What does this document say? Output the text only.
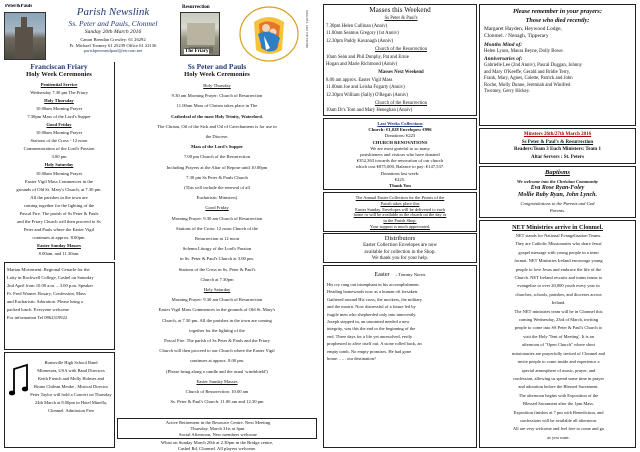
Peter&Pauls	Parish Newslink
Ss. Peter and Pauls, Clonmel
Sunday 20th March 2016
Canon Brendan Crowley: 61 26292
Fr. Michael Toomey 61 25239 Office 61 22136
parishpeterandpaul@eircom.net
Resurrection
The Friary
MERCIFUL LIKE THE FATHER
Franciscan Friary
Holy Week Ceremonies
Penitential Service
Wednesday 7.30 pm The Friary
Holy Thursday
10.00am Morning Prayer
7.30pm Mass of the Lord's Supper
Good Friday
10.00am Morning Prayer
Stations of the Cross - 12 noon
Commemoration of the Lord's Passion
3.00 pm
Holy Saturday
10.00am Morning Prayer
Easter Vigil Mass Commences in the
grounds of Old St. Mary's Church, at 7.30 pm.
All the parishes in the town are
coming together for the lighting of the
Pascal Fire. The parish of Ss Peter & Pauls
and the Friary Church will then proceed to Ss
Peter and Pauls where the Easter Vigil
continues at approx. 8.00pm.
Easter Sunday Masses
8.00am, and 11.30am.
Martan Movement: Regional Cenacle for the
Laity in Rockwell College, Cashel on Saturday
2nd April from 10.00 a.m. – 3.00 p.m. Speaker
Fr. Fred Warner. Rosary, Confession, Mass
and Eucharistic Adoration. Please bring a
packed lunch. Everyone welcome
For information Tel 0862319922
Burnsville High School Band
Minnesota, USA with Band Directors
Keith French and Molly Holmes and
Bruno Chilean Meuke , Musical Director
Peter Taylor will hold a Concert on Thursday
24th March at 8.00pm in Hotel Minella,
Clonmel. Admission Free
Ss Peter and Pauls
Holy Week Ceremonies
Holy Thursday
9.30 am Morning Prayer: Church of Resurrection
11.00am Mass of Chrism takes place in The
Cathedral of the most Holy Trinity, Waterford.
The Chrism, Oil of the Sick and Oil of Catechumens is for use in
the Diocese.
Mass of the Lord's Supper
7.00 pm Church of the Resurrection
Including Prayers at the Altar of Repose until 10.00pm
7.30 pm Ss Peter & Pauls Church
(This will include the renewal of all
Eucharistic Ministers)
Good Friday
Morning Prayer: 9.30 am Church of Resurrection
Stations of the Cross: 12 noon Church of the
Resurrection at 12 noon
Solemn Liturgy of the Lord's Passion
in Ss. Peter & Paul's Church at 3.00 pm.
Stations of the Cross in Ss. Peter & Paul's
Church at 7.30pm
Holy Saturday
Morning Prayer: 9.30 am Church of Resurrection
Easter Vigil Mass Commences in the grounds of Old St. Mary's
Church, at 7.30 pm. All the parishes in the town are coming
together for the lighting of the
Pascal Fire. The parish of Ss Peter & Pauls and the Friary
Church will then proceed to our Church where the Easter Vigil
continues at approx. 8.00 pm.
(Please bring along a candle and the usual 'windshield')
Easter Sunday Masses
Church of Resurrection: 10.00 am
Ss. Peter & Paul's Church: 11.00 am and 12.30 pm
Active Retirement in the Resource Centre. Next Meeting
Thursday, March 31st at 3pm.
Social Afternoon, New members welcome
Whist on Sunday March 20th at 2.30pm in the Bridge centre,
Cashel Rd, Clonmel. All players welcome.
Masses this Weekend
Ss Peter & Paul's
7.30pm Helen Cullinan (Anniv)
11.00am Seamus Gregory (1st Anniv)
12.30pm Paddy Kavanagh (Anniv)
Church of the Resurrection
10am Seán and Phil Dunphy, Pat and Ernie
Hogan and Marie Richmond (Anniv)
Masses Next Weekend
8.00 am approx. Easter Vigil Mass
11.00am Joe and Leisha Fogarty (Anniv)
12.30pm William (Sally) O'Regan (Anniv)
Church of the Resurrection
10am Dr's Tom and Mary Heneghan (Anniv)
Last Weeks Collections
Church: €1,028 Envelopes: €996
Donations: €225
CHURCH RENOVATIONS
We are most grateful to so many
parishioners and visitors who have donated
€352,363 towards the renovation of our church
which cost €875,000, Balance to pay: €147,537.
Donations last week:
€225.
Thank You
The Annual Easter Collection for the Priests of the
Parish takes place this
Easter Sunday. Envelopes will be delivered to each
home or will be available in the church on the day or
in the Parish Shop.
Your support is much appreciated.
Distributors
Easter Collection Envelopes are now
available for collection in the Shop.
We thank you for your help.
Easter – Tommy Norris
His cry rang out triumphant in his accomplishment.
Heading homewards now as a human oft forsaken.
Gathered around His cross, the mockers, the military
and the mourn. Now distressful of a future led by
fragile men who shepherded only into innocently.
Joseph stepped in, an unwanted needed a new
integrity, was this the end or the beginning of the
end. Three days for a life yet unresolved, eerily
prophesied to alive itself out. A stone rolled back, an
empty tomb. No empty promises. He had gone
home…… our destination?
Please remember in your prayers:
Those who died recently:
Margaret Hayden, Heywood Lodge,
Clonmel. / Nenagh, Tipperary
Months Mind of:
Helen Lyons, Maura Beyne, Dolly Bowe.
Anniversaries of:
Gabrielle Lee (2nd Anniv), Pascal Duggan, Johnny
and Mary O'Keeffe, Gerald and Bridie Terry,
Frank, Mary, Agnes, Colette, Patrick and John
Roche, Molly Dunne, Jeremiah and Winifred
Twomey, Gerry Hickey.
Minsters 26th/27th March 2016
Ss Peter & Paul's & Resurrection
Readers:Team 3 Euch Ministers: Team 1
Altar Servers : St. Peters
Baptisms
We welcome into the Christian Community
Eva Rose Ryan-Foley
Mollie Ruby Ryan, John Lynch.
Congratulations to the Parents and God
Parents.
NET Ministries arrive in Clonmel.
NET stands for National Evangelisation Teams.
They are Catholic Missionaries who share Jesus'
gospel message with young people in a team
format. NET Ministries Ireland encourage young
people to love Jesus and embrace the life of the
Church. NET Ireland recruits and trains teams to
evangelise to over 20,000 youth every year in
churches, schools, parishes, and dioceses across
Ireland.
The NET ministries team will be in Clonmel this
coming Wednesday, 23rd of March, inviting
people to come into SS Peter & Paul's Church to
visit the Holy 'Tent of Meeting'. It is an
afternoon of "Open Church" where short
missionaries are prayerfully invited of Clonmel and
invite people to come inside and experience a
special atmosphere of music, prayer, and
confession, allowing us spend some time in prayer
and adoration before the Blessed Sacrament.
The afternoon begins with Exposition of the
Blessed Sacrament after the 1pm Mass.
Exposition finishes at 7 pm with Benediction, and
confessions will be available all afternoon.
All are very welcome and feel free to come and go
as you want.
